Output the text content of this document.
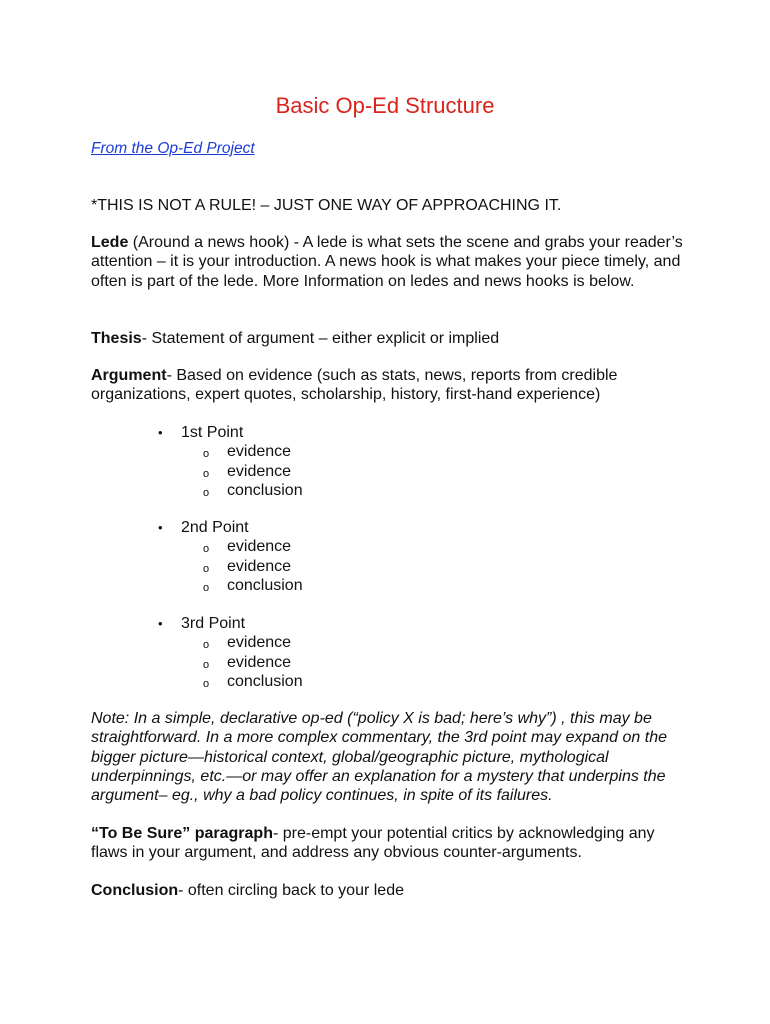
Basic Op-Ed Structure
From the Op-Ed Project

*THIS IS NOT A RULE! – JUST ONE WAY OF APPROACHING IT.

Lede (Around a news hook) - A lede is what sets the scene and grabs your reader’s attention – it is your introduction. A news hook is what makes your piece timely, and often is part of the lede. More Information on ledes and news hooks is below.

Thesis- Statement of argument – either explicit or implied

Argument- Based on evidence (such as stats, news, reports from credible organizations, expert quotes, scholarship, history, first-hand experience)

• 1st Point
o evidence
o evidence
o conclusion
• 2nd Point
o evidence
o evidence
o conclusion
• 3rd Point
o evidence
o evidence
o conclusion

Note: In a simple, declarative op-ed (“policy X is bad; here’s why”) , this may be straightforward. In a more complex commentary, the 3rd point may expand on the bigger picture—historical context, global/geographic picture, mythological underpinnings, etc.—or may offer an explanation for a mystery that underpins the argument– eg., why a bad policy continues, in spite of its failures.

“To Be Sure” paragraph- pre-empt your potential critics by acknowledging any flaws in your argument, and address any obvious counter-arguments.

Conclusion- often circling back to your lede
